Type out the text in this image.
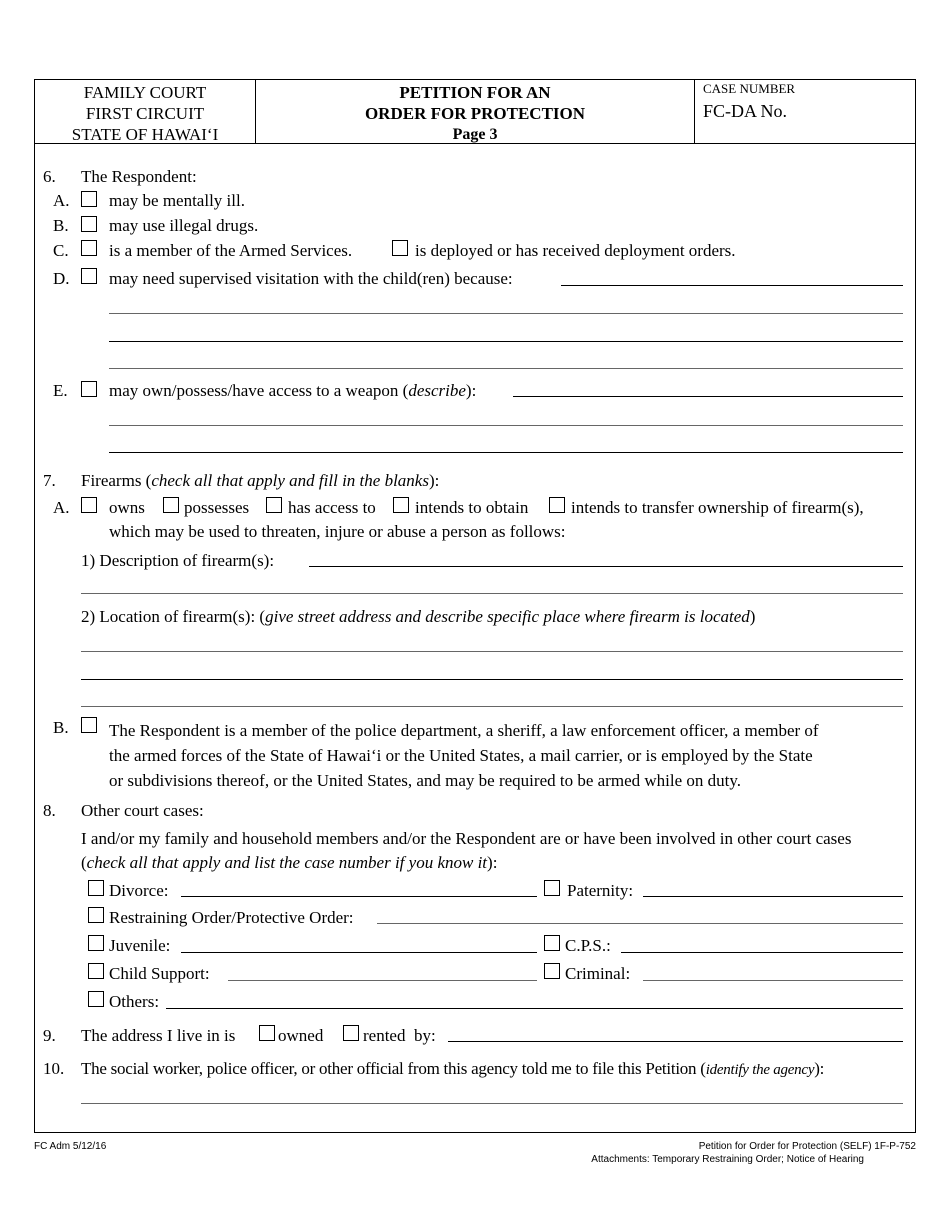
FAMILY COURT
FIRST CIRCUIT
STATE OF HAWAI‘I
PETITION FOR AN
ORDER FOR PROTECTION
Page 3
CASE NUMBER
FC-DA No.
6. The Respondent:
A. may be mentally ill.
B. may use illegal drugs.
C. is a member of the Armed Services.	is deployed or has received deployment orders.
D. may need supervised visitation with the child(ren) because:
E. may own/possess/have access to a weapon (describe):
7. Firearms (check all that apply and fill in the blanks):
A. owns possesses has access to intends to obtain	intends to transfer ownership of firearm(s),
which may be used to threaten, injure or abuse a person as follows:
1) Description of firearm(s):
2) Location of firearm(s): (give street address and describe specific place where firearm is located)
B. The Respondent is a member of the police department, a sheriff, a law enforcement officer, a member of
the armed forces of the State of Hawai‘i or the United States, a mail carrier, or is employed by the State
or subdivisions thereof, or the United States, and may be required to be armed while on duty.
8. Other court cases:
I and/or my family and household members and/or the Respondent are or have been involved in other court cases
(check all that apply and list the case number if you know it):
Divorce:	Paternity:
Restraining Order/Protective Order:
Juvenile:	C.P.S.:
Child Support:	Criminal:
Others:
9. The address I live in is	owned rented  by:
10. The social worker, police officer, or other official from this agency told me to file this Petition (identify the agency):
FC Adm 5/12/16	Petition for Order for Protection (SELF) 1F-P-752
Attachments: Temporary Restraining Order; Notice of Hearing
